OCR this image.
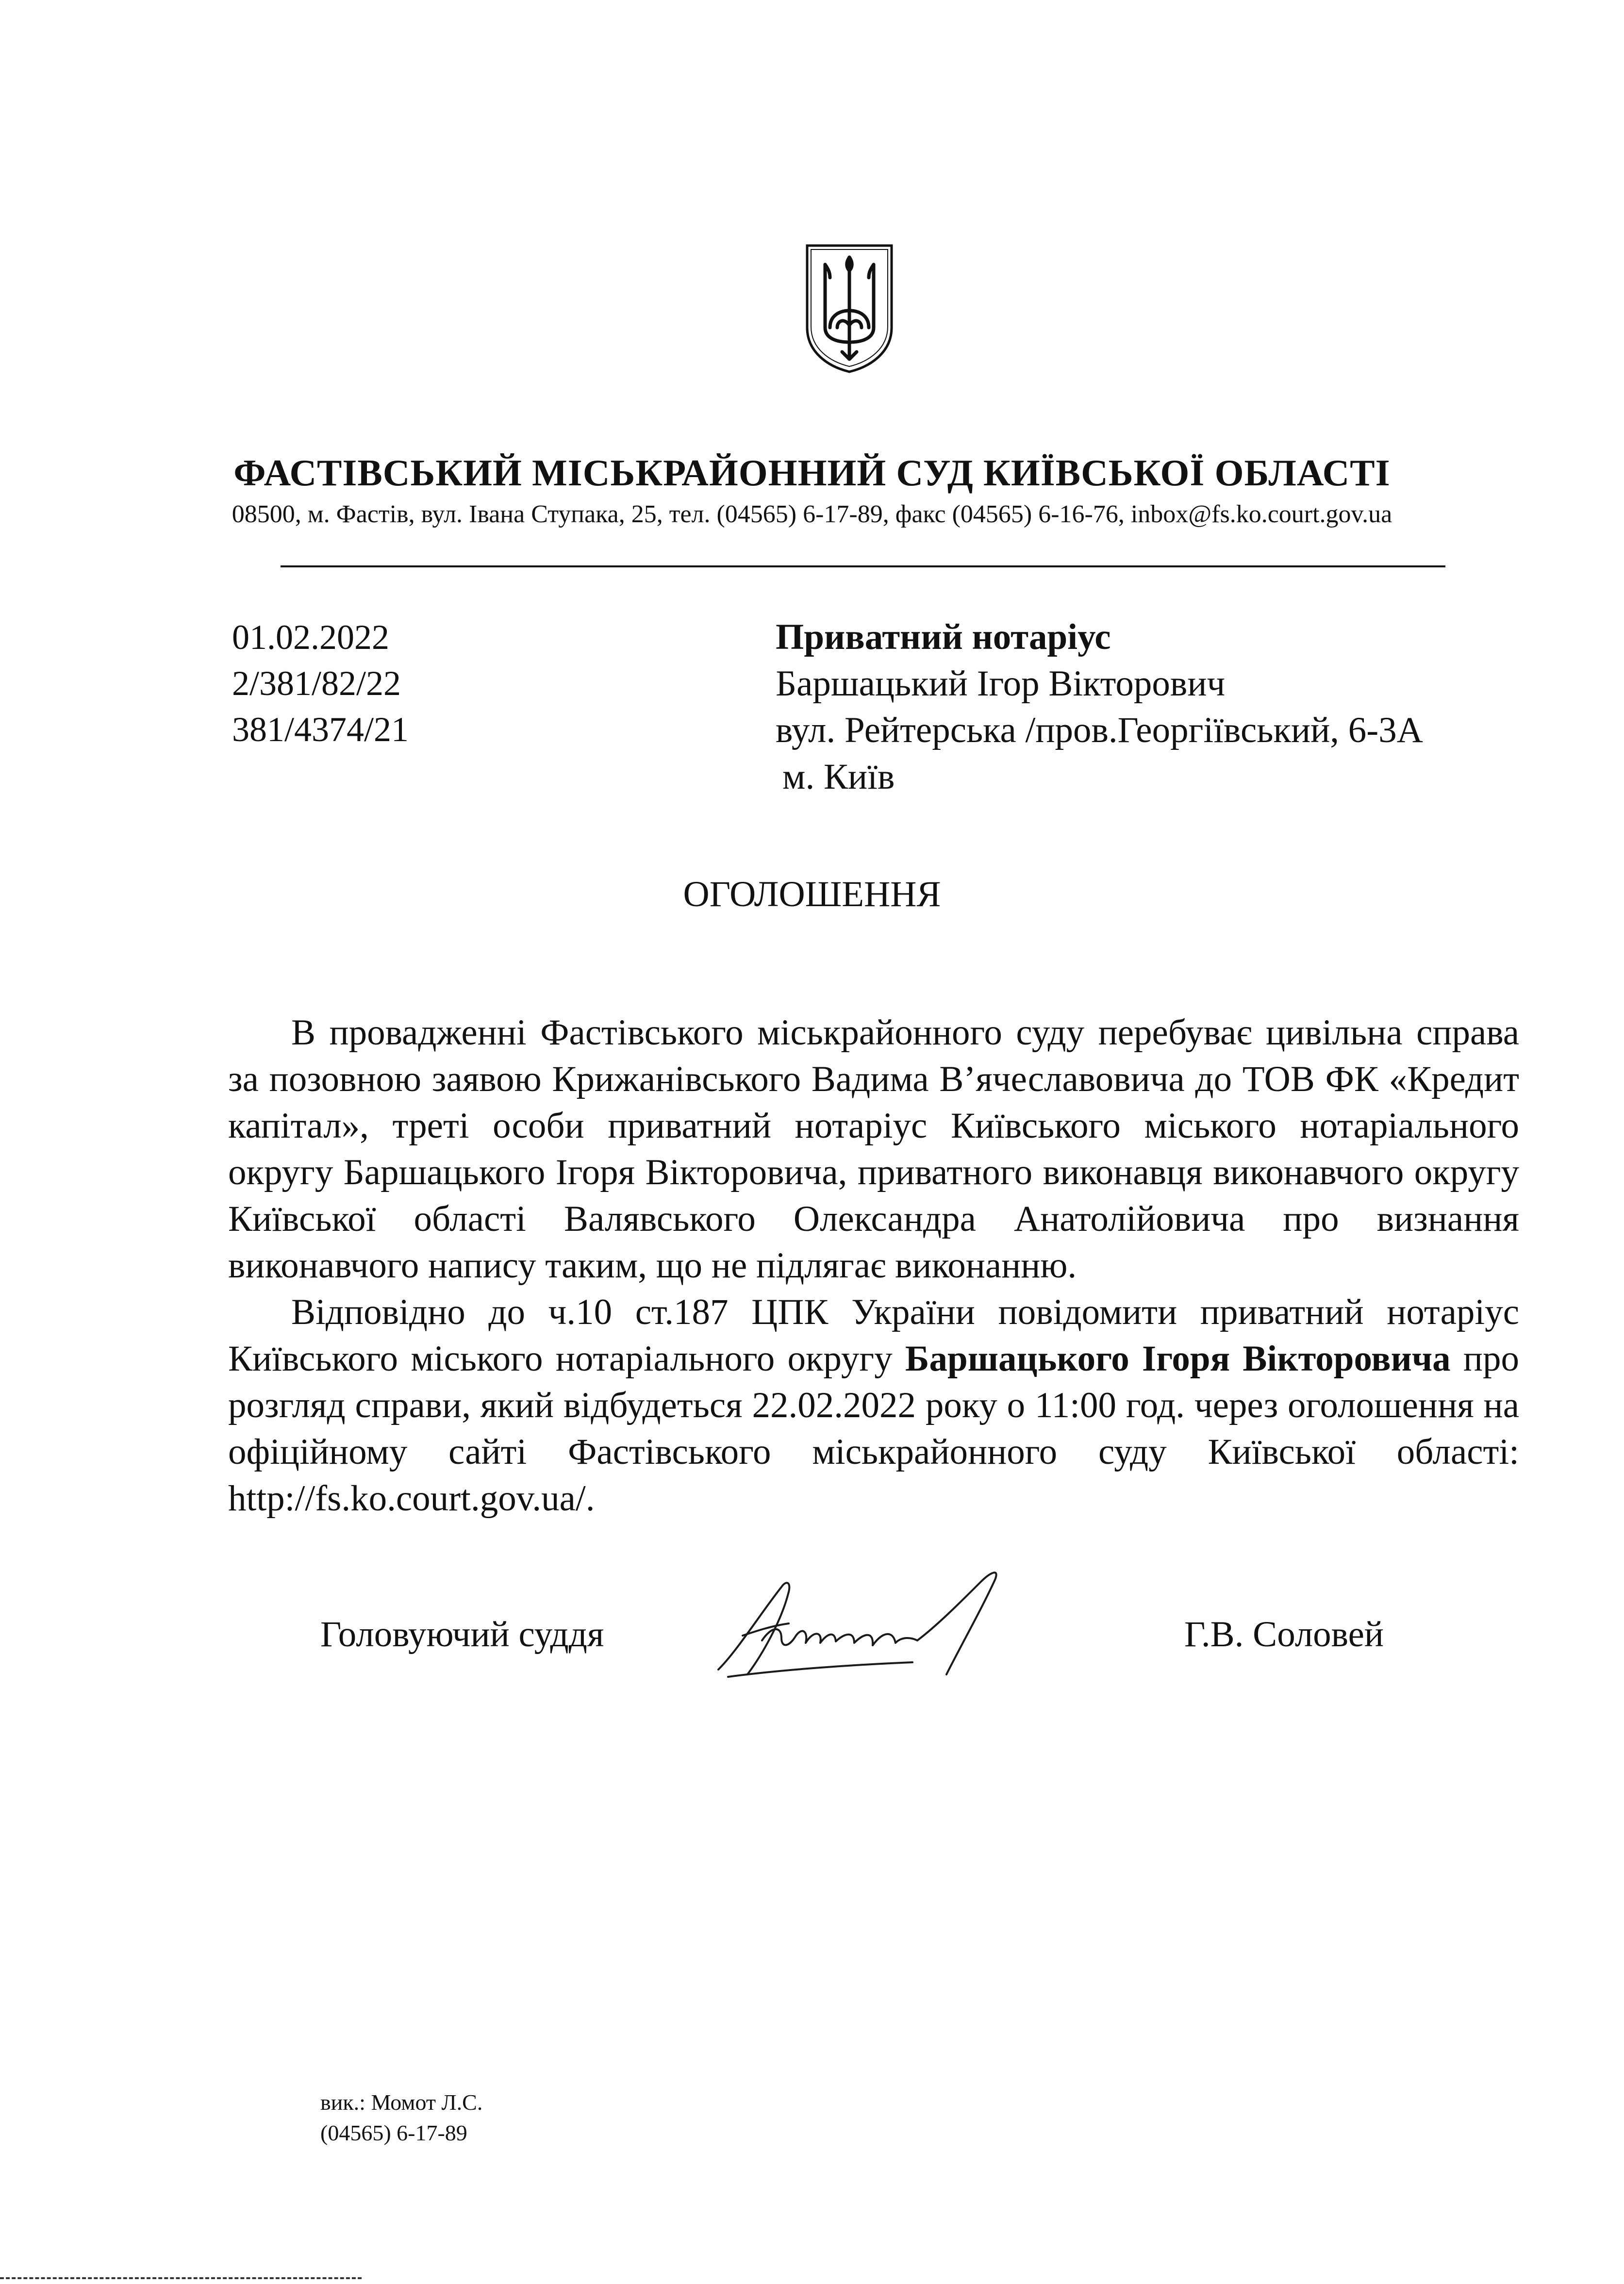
ФАСТІВСЬКИЙ МІСЬКРАЙОННИЙ СУД КИЇВСЬКОЇ ОБЛАСТІ
08500, м. Фастів, вул. Івана Ступака, 25, тел. (04565) 6-17-89, факс (04565) 6-16-76, inbox@fs.ko.court.gov.ua
01.02.2022
2/381/82/22
381/4374/21
Приватний нотаріус
Баршацький Ігор Вікторович
вул. Рейтерська /пров.Георгіївський, 6-3А
м. Київ
ОГОЛОШЕННЯ

В провадженні Фастівського міськрайонного суду перебуває цивільна справа за позовною заявою Крижанівського Вадима В’ячеславовича до ТОВ ФК «Кредит капітал», треті особи приватний нотаріус Київського міського нотаріального округу Баршацького Ігоря Вікторовича, приватного виконавця виконавчого округу Київської області Валявського Олександра Анатолійовича про визнання виконавчого напису таким, що не підлягає виконанню.

Відповідно до ч.10 ст.187 ЦПК України повідомити приватний нотаріус Київського міського нотаріального округу Баршацького Ігоря Вікторовича про розгляд справи, який відбудеться 22.02.2022 року о 11:00 год. через оголошення на офіційному сайті Фастівського міськрайонного суду Київської області: http://fs.ko.court.gov.ua/.

Головуючий суддя	Г.В. Соловей
вик.: Момот Л.С.
(04565) 6-17-89
